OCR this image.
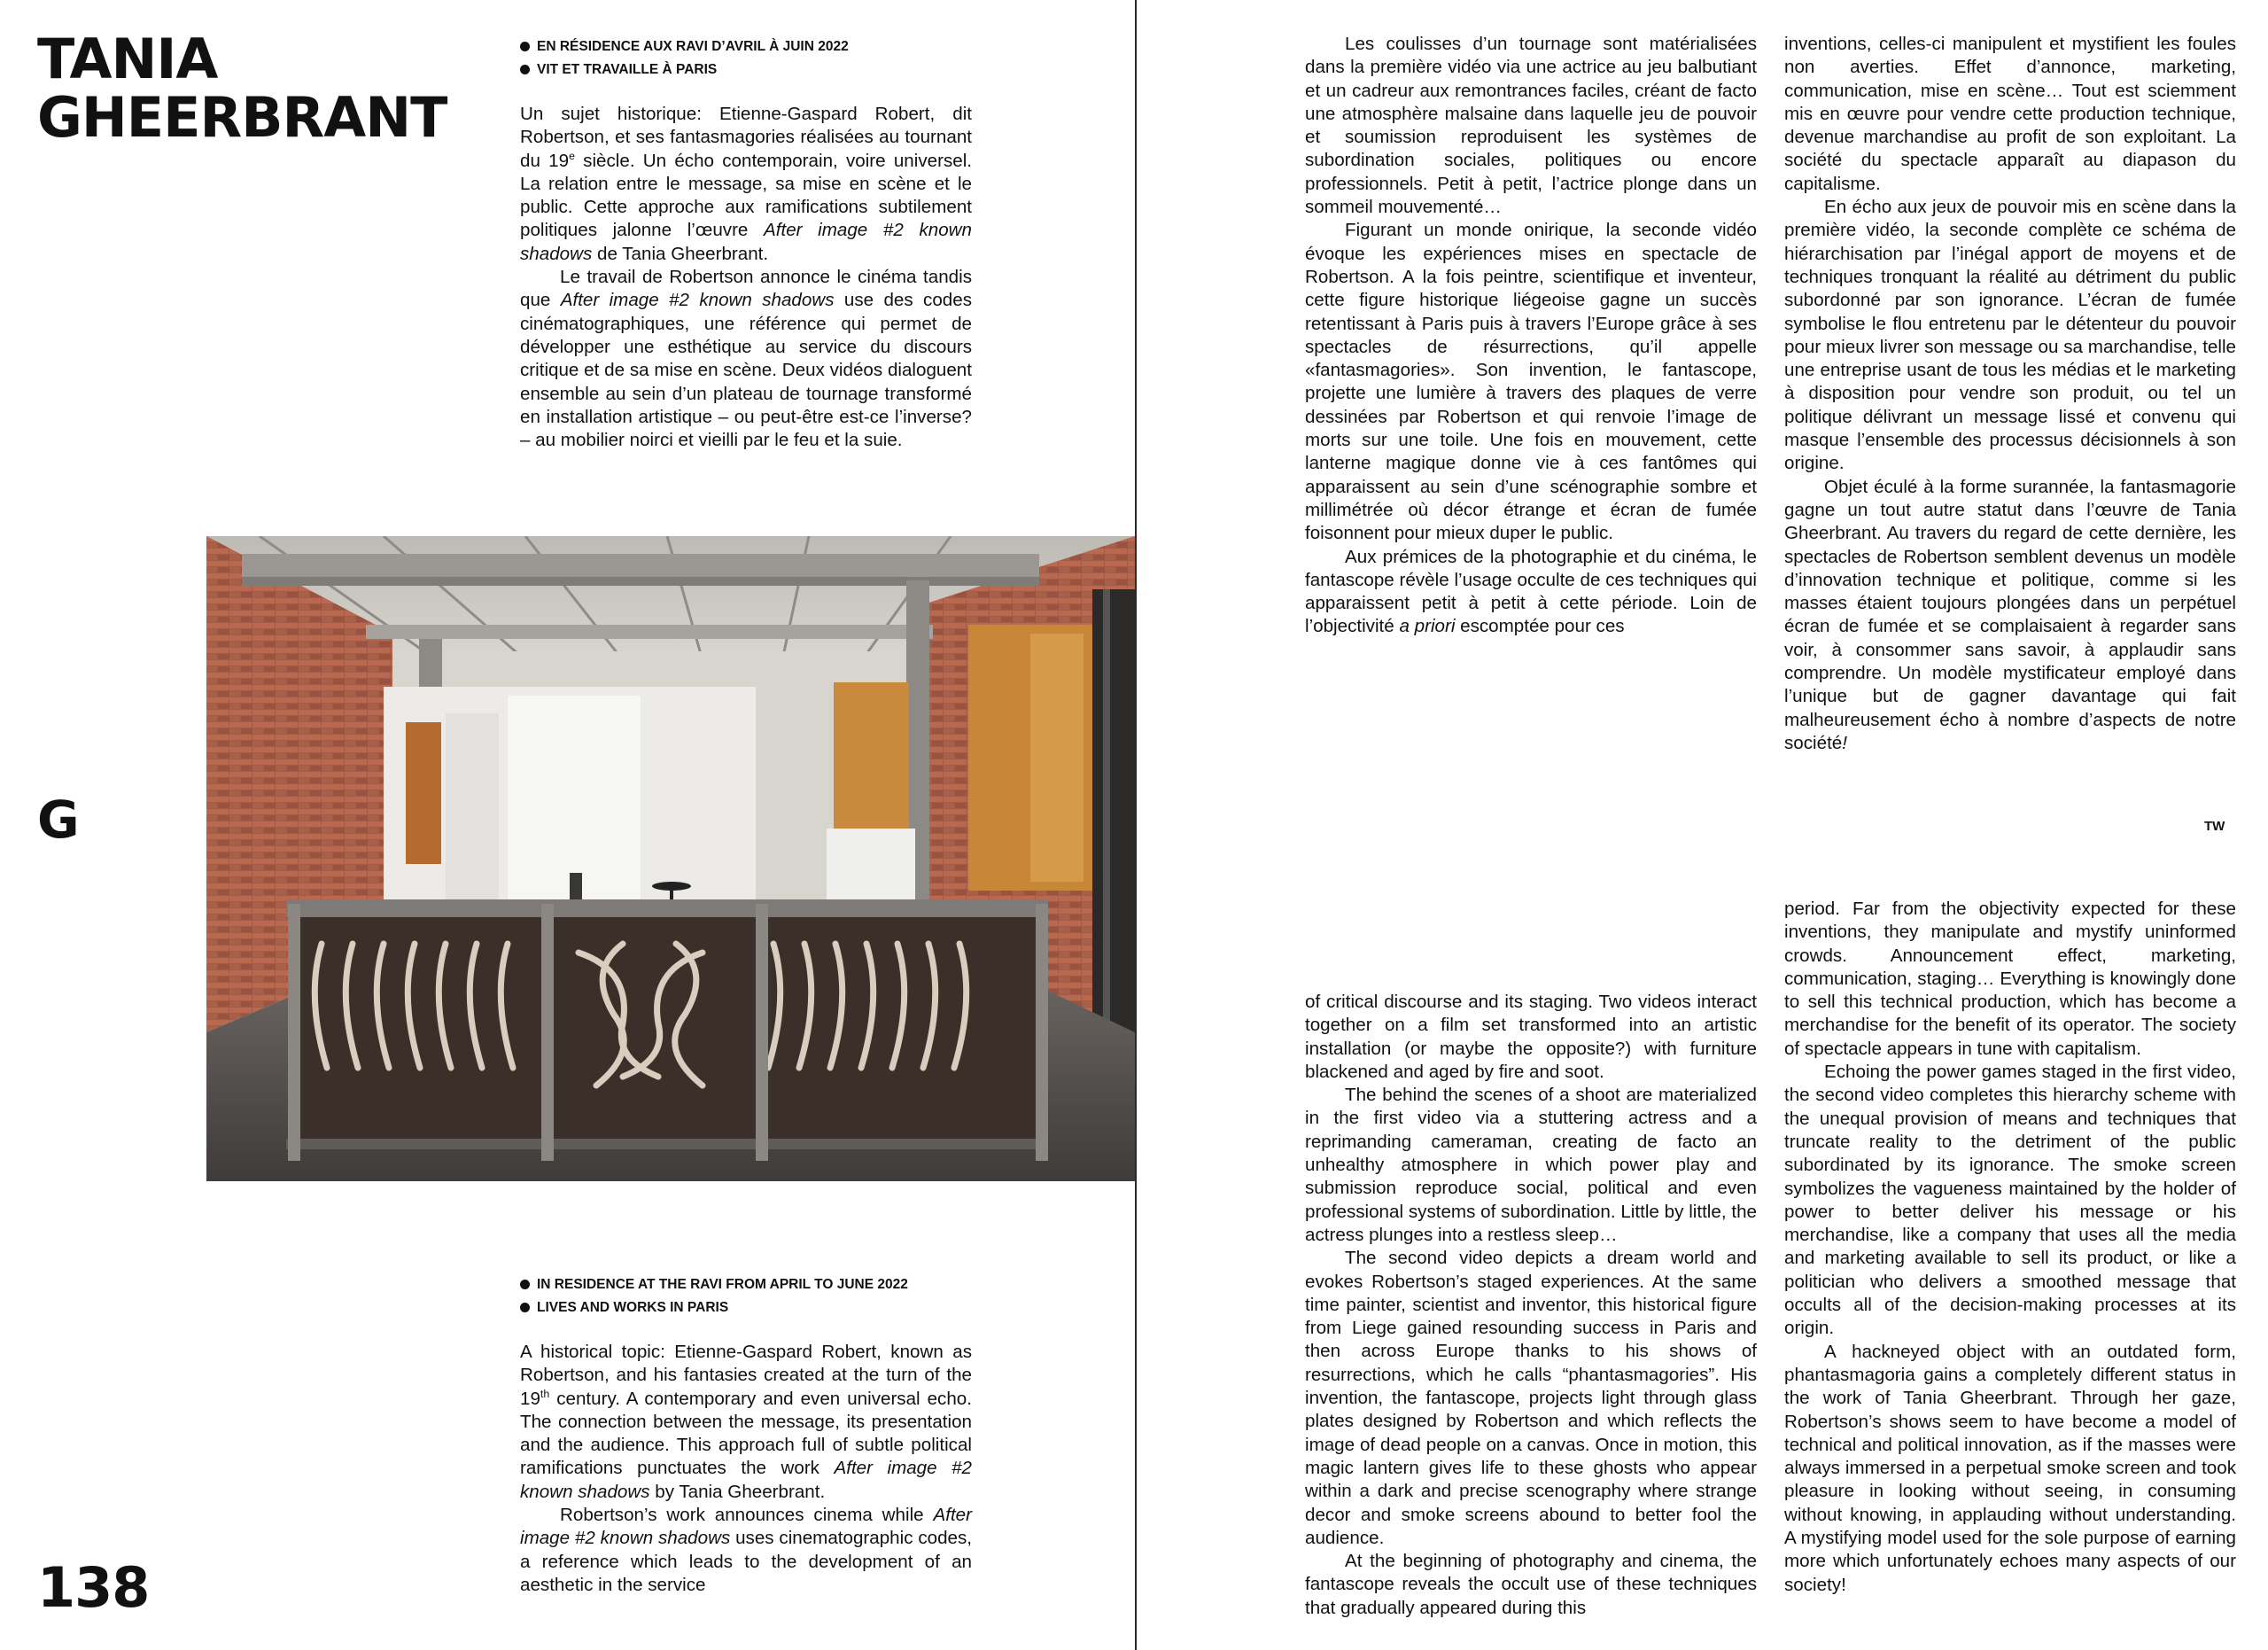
TANIA
GHEERBRANT
EN RÉSIDENCE AUX RAVI D’AVRIL À JUIN 2022
VIT ET TRAVAILLE À PARIS

Un sujet historique: Etienne-Gaspard Robert, dit Robertson, et ses fantasmagories réalisées au tournant du 19e siècle. Un écho contemporain, voire universel. La relation entre le message, sa mise en scène et le public. Cette approche aux ramifications subtilement politiques jalonne l’œuvre After image #2 known shadows de Tania Gheerbrant.

Le travail de Robertson annonce le cinéma tandis que After image #2 known shadows use des codes cinématographiques, une référence qui permet de développer une esthétique au service du discours critique et de sa mise en scène. Deux vidéos dialoguent ensemble au sein d’un plateau de tournage transformé en installation artistique – ou peut-être est-ce l’inverse? – au mobilier noirci et vieilli par le feu et la suie.

G
IN RESIDENCE AT THE RAVI FROM APRIL TO JUNE 2022
LIVES AND WORKS IN PARIS

A historical topic: Etienne-Gaspard Robert, known as Robertson, and his fantasies created at the turn of the 19th century. A contemporary and even universal echo. The connection between the message, its presentation and the audience. This approach full of subtle political ramifications punctuates the work After image #2 known shadows by Tania Gheerbrant.

Robertson’s work announces cinema while After image #2 known shadows uses cinematographic codes, a reference which leads to the development of an aesthetic in the service

138

Les coulisses d’un tournage sont matérialisées dans la première vidéo via une actrice au jeu balbutiant et un cadreur aux remontrances faciles, créant de facto une atmosphère malsaine dans laquelle jeu de pouvoir et soumission reproduisent les systèmes de subordination sociales, politiques ou encore professionnels. Petit à petit, l’actrice plonge dans un sommeil mouvementé…

Figurant un monde onirique, la seconde vidéo évoque les expériences mises en spectacle de Robertson. A la fois peintre, scientifique et inventeur, cette figure historique liégeoise gagne un succès retentissant à Paris puis à travers l’Europe grâce à ses spectacles de résurrections, qu’il appelle «fantasmagories». Son invention, le fantascope, projette une lumière à travers des plaques de verre dessinées par Robertson et qui renvoie l’image de morts sur une toile. Une fois en mouvement, cette lanterne magique donne vie à ces fantômes qui apparaissent au sein d’une scénographie sombre et millimétrée où décor étrange et écran de fumée foisonnent pour mieux duper le public.

Aux prémices de la photographie et du cinéma, le fantascope révèle l’usage occulte de ces techniques qui apparaissent petit à petit à cette période. Loin de l’objectivité a priori escomptée pour ces

inventions, celles-ci manipulent et mystifient les foules non averties. Effet d’annonce, marketing, communication, mise en scène… Tout est sciemment mis en œuvre pour vendre cette production technique, devenue marchandise au profit de son exploitant. La société du spectacle apparaît au diapason du capitalisme.

En écho aux jeux de pouvoir mis en scène dans la première vidéo, la seconde complète ce schéma de hiérarchisation par l’inégal apport de moyens et de techniques tronquant la réalité au détriment du public subordonné par son ignorance. L’écran de fumée symbolise le flou entretenu par le détenteur du pouvoir pour mieux livrer son message ou sa marchandise, telle une entreprise usant de tous les médias et le marketing à disposition pour vendre son produit, ou tel un politique délivrant un message lissé et convenu qui masque l’ensemble des processus décisionnels à son origine.

Objet éculé à la forme surannée, la fantasmagorie gagne un tout autre statut dans l’œuvre de Tania Gheerbrant. Au travers du regard de cette dernière, les spectacles de Robertson semblent devenus un modèle d’innovation technique et politique, comme si les masses étaient toujours plongées dans un perpétuel écran de fumée et se complaisaient à regarder sans voir, à consommer sans savoir, à applaudir sans comprendre. Un modèle mystificateur employé dans l’unique but de gagner davantage qui fait malheureusement écho à nombre d’aspects de notre société!

TW

of critical discourse and its staging. Two videos interact together on a film set transformed into an artistic installation (or maybe the opposite?) with furniture blackened and aged by fire and soot.

The behind the scenes of a shoot are materialized in the first video via a stuttering actress and a reprimanding cameraman, creating de facto an unhealthy atmosphere in which power play and submission reproduce social, political and even professional systems of subordination. Little by little, the actress plunges into a restless sleep…

The second video depicts a dream world and evokes Robertson’s staged experiences. At the same time painter, scientist and inventor, this historical figure from Liege gained resounding success in Paris and then across Europe thanks to his shows of resurrections, which he calls “phantasmagories”. His invention, the fantascope, projects light through glass plates designed by Robertson and which reflects the image of dead people on a canvas. Once in motion, this magic lantern gives life to these ghosts who appear within a dark and precise scenography where strange decor and smoke screens abound to better fool the audience.

At the beginning of photography and cinema, the fantascope reveals the occult use of these techniques that gradually appeared during this

period. Far from the objectivity expected for these inventions, they manipulate and mystify uninformed crowds. Announcement effect, marketing, communication, staging… Everything is knowingly done to sell this technical production, which has become a merchandise for the benefit of its operator. The society of spectacle appears in tune with capitalism.

Echoing the power games staged in the first video, the second video completes this hierarchy scheme with the unequal provision of means and techniques that truncate reality to the detriment of the public subordinated by its ignorance. The smoke screen symbolizes the vagueness maintained by the holder of power to better deliver his message or his merchandise, like a company that uses all the media and marketing available to sell its product, or like a politician who delivers a smoothed message that occults all of the decision-making processes at its origin.

A hackneyed object with an outdated form, phantasmagoria gains a completely different status in the work of Tania Gheerbrant. Through her gaze, Robertson’s shows seem to have become a model of technical and political innovation, as if the masses were always immersed in a perpetual smoke screen and took pleasure in looking without seeing, in consuming without knowing, in applauding without understanding. A mystifying model used for the sole purpose of earning more which unfortunately echoes many aspects of our society!
